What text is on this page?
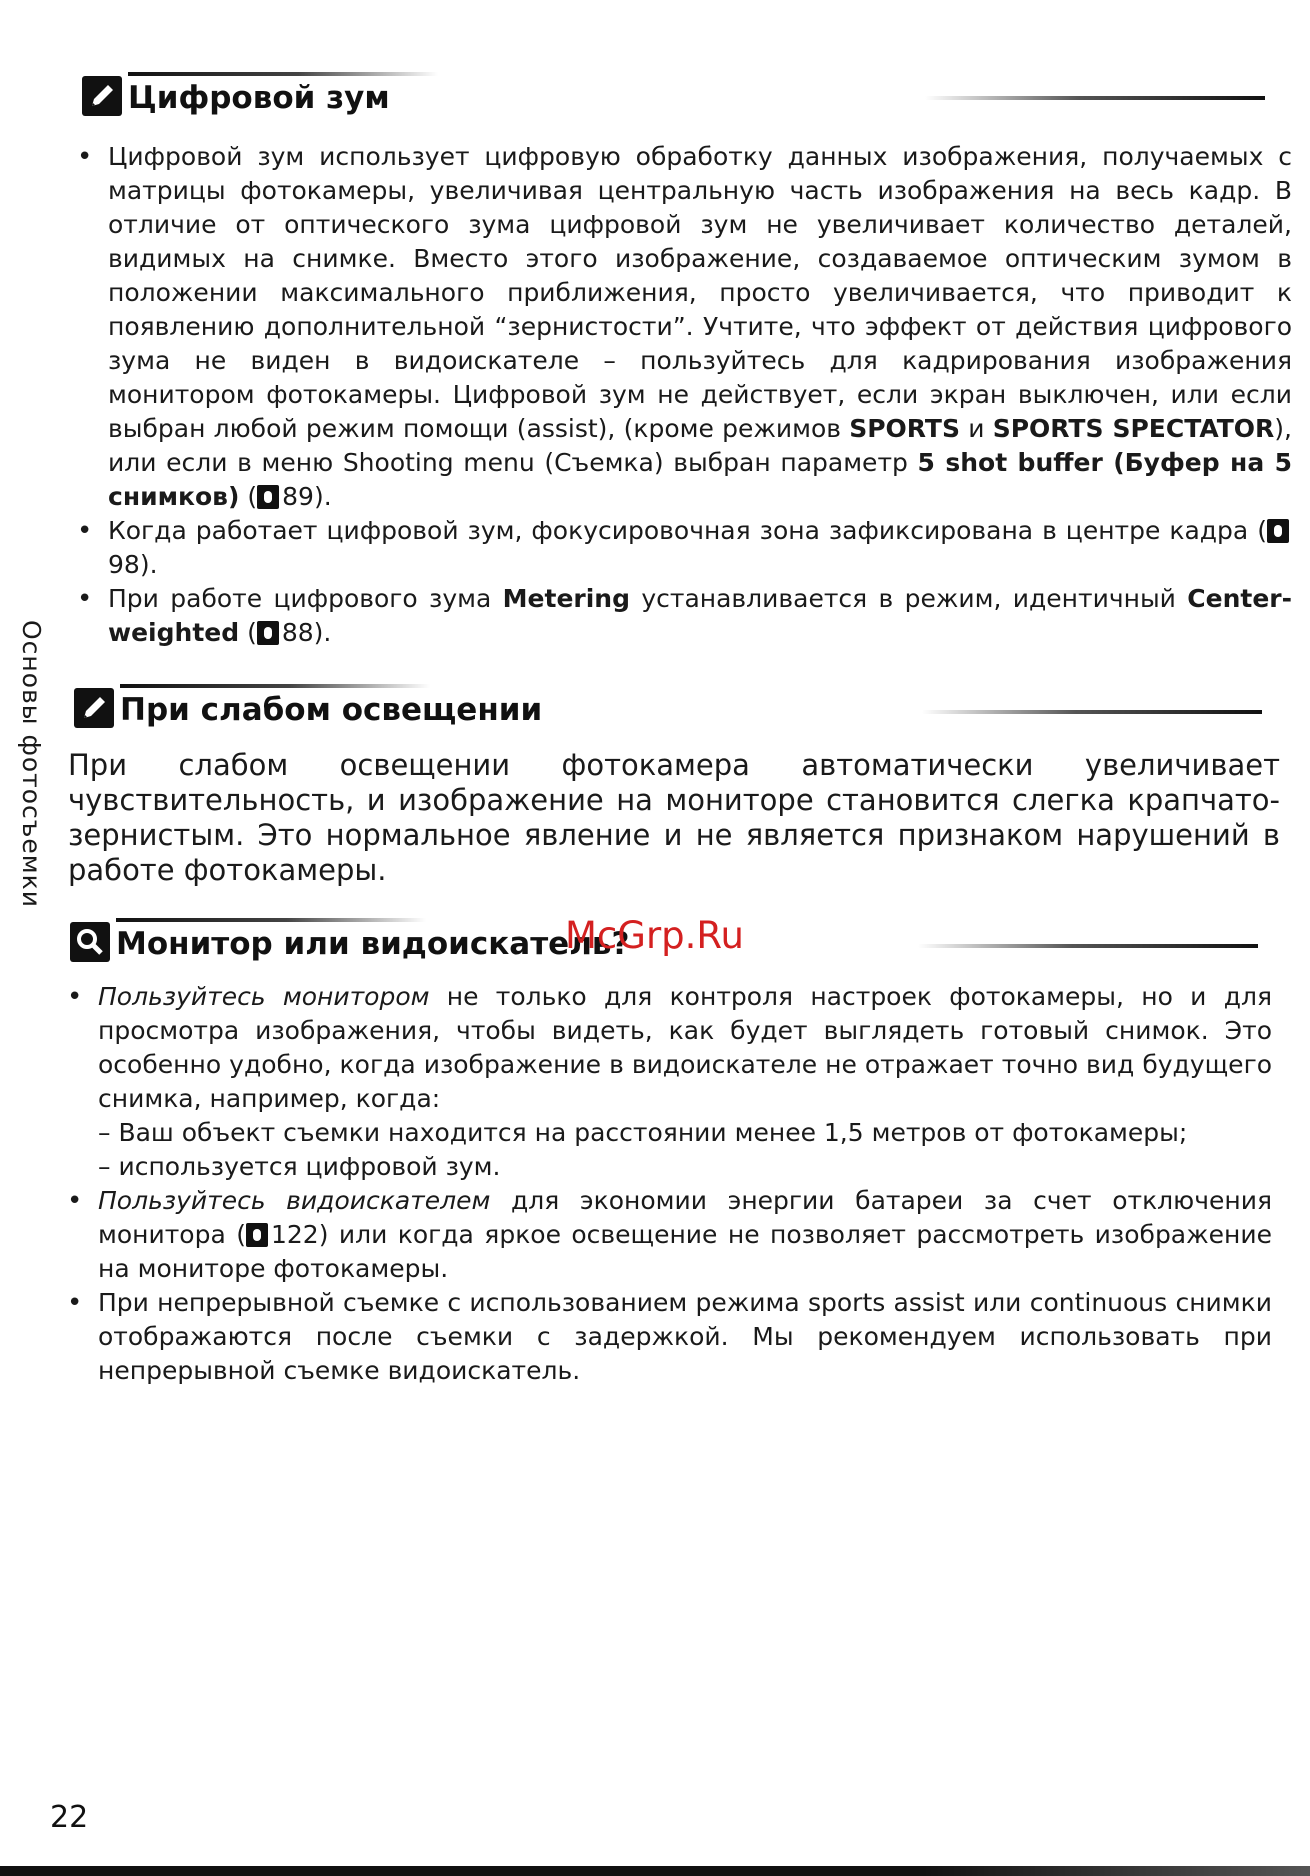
Основы фотосъемки
Цифровой зум
• Цифровой зум использует цифровую обработку данных изображения, получаемых с матрицы фотокамеры, увеличивая центральную часть изображения на весь кадр. В отличие от оптического зума цифровой зум не увеличивает количество деталей, видимых на снимке. Вместо этого изображение, создаваемое оптическим зумом в положении максимального приближения, просто увеличивается, что приводит к появлению дополнительной “зернистости”. Учтите, что эффект от действия цифрового зума не виден в видоискателе – пользуйтесь для кадрирования изображения монитором фотокамеры. Цифровой зум не действует, если экран выключен, или если выбран любой режим помощи (assist), (кроме режимов SPORTS и SPORTS SPECTATOR), или если в меню Shooting menu (Съемка) выбран параметр 5 shot buffer (Буфер на 5 снимков) ( 89).
• Когда работает цифровой зум, фокусировочная зона зафиксирована в центре кадра (98).
• При работе цифрового зума Metering устанавливается в режим, идентичный Center-weighted ( 88).
При слабом освещении
При слабом освещении фотокамера автоматически увеличивает чувствительность, и изображение на мониторе становится слегка крапчато-зернистым. Это нормальное явление и не является признаком нарушений в работе фотокамеры.
Монитор или видоискатель?
McGrp.Ru
• Пользуйтесь монитором не только для контроля настроек фотокамеры, но и для просмотра изображения, чтобы видеть, как будет выглядеть готовый снимок. Это особенно удобно, когда изображение в видоискателе не отражает точно вид будущего снимка, например, когда:
– Ваш объект съемки находится на расстоянии менее 1,5 метров от фотокамеры;
– используется цифровой зум.
• Пользуйтесь видоискателем для экономии энергии батареи за счет отключения монитора ( 122) или когда яркое освещение не позволяет рассмотреть изображение на мониторе фотокамеры.
• При непрерывной съемке с использованием режима sports assist или continuous снимки отображаются после съемки с задержкой. Мы рекомендуем использовать при непрерывной съемке видоискатель.
22
